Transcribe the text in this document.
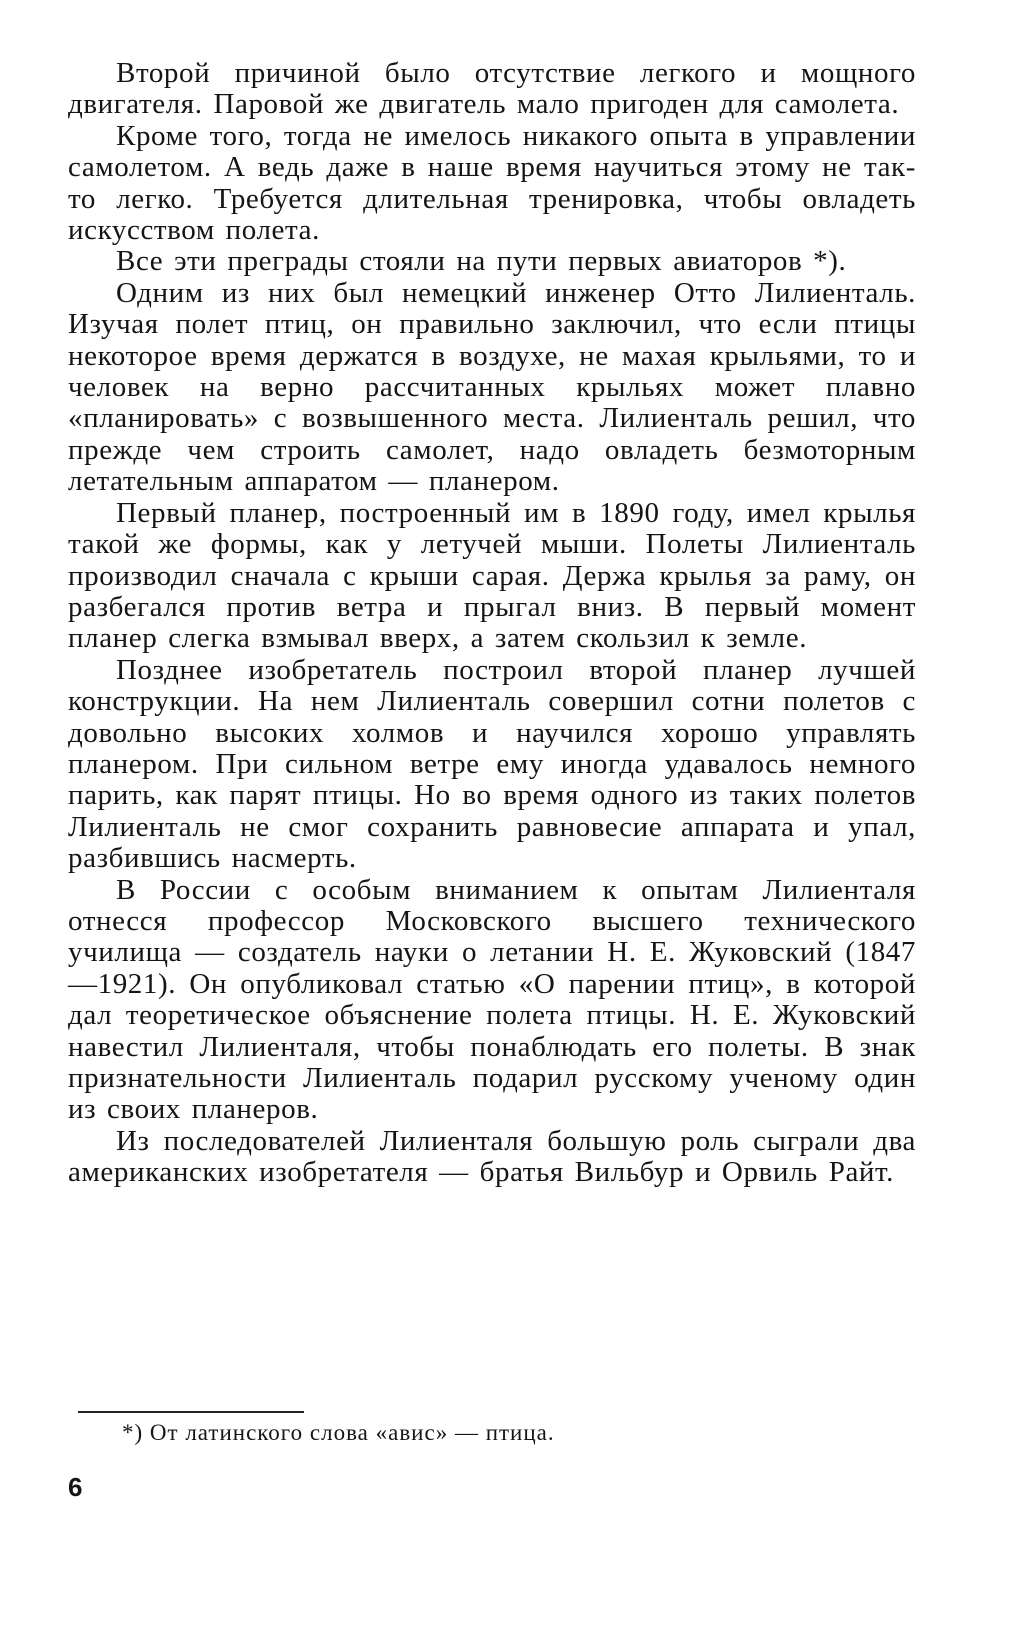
Второй причиной было отсутствие легкого и мощного двигателя. Паровой же двигатель мало пригоден для самолета.

Кроме того, тогда не имелось никакого опыта в управлении самолетом. А ведь даже в наше время научиться этому не так-то легко. Требуется длительная тренировка, чтобы овладеть искусством полета.

Все эти преграды стояли на пути первых авиаторов *).

Одним из них был немецкий инженер Отто Лилиенталь. Изучая полет птиц, он правильно заключил, что если птицы некоторое время держатся в воздухе, не махая крыльями, то и человек на верно рассчитанных крыльях может плавно «планировать» с возвышенного места. Лилиенталь решил, что прежде чем строить самолет, надо овладеть безмоторным летательным аппаратом — планером.

Первый планер, построенный им в 1890 году, имел крылья такой же формы, как у летучей мыши. Полеты Лилиенталь производил сначала с крыши сарая. Держа крылья за раму, он разбегался против ветра и прыгал вниз. В первый момент планер слегка взмывал вверх, а затем скользил к земле.

Позднее изобретатель построил второй планер лучшей конструкции. На нем Лилиенталь совершил сотни полетов с довольно высоких холмов и научился хорошо управлять планером. При сильном ветре ему иногда удавалось немного парить, как парят птицы. Но во время одного из таких полетов Лилиенталь не смог сохранить равновесие аппарата и упал, разбившись насмерть.

В России с особым вниманием к опытам Лилиенталя отнесся профессор Московского высшего технического училища — создатель науки о летании Н. Е. Жуковский (1847—1921). Он опубликовал статью «О парении птиц», в которой дал теоретическое объяснение полета птицы. Н. Е. Жуковский навестил Лилиенталя, чтобы понаблюдать его полеты. В знак признательности Лилиенталь подарил русскому ученому один из своих планеров.

Из последователей Лилиенталя большую роль сыграли два американских изобретателя — братья Вильбур и Орвиль Райт.

*) От латинского слова «авис» — птица.
6
